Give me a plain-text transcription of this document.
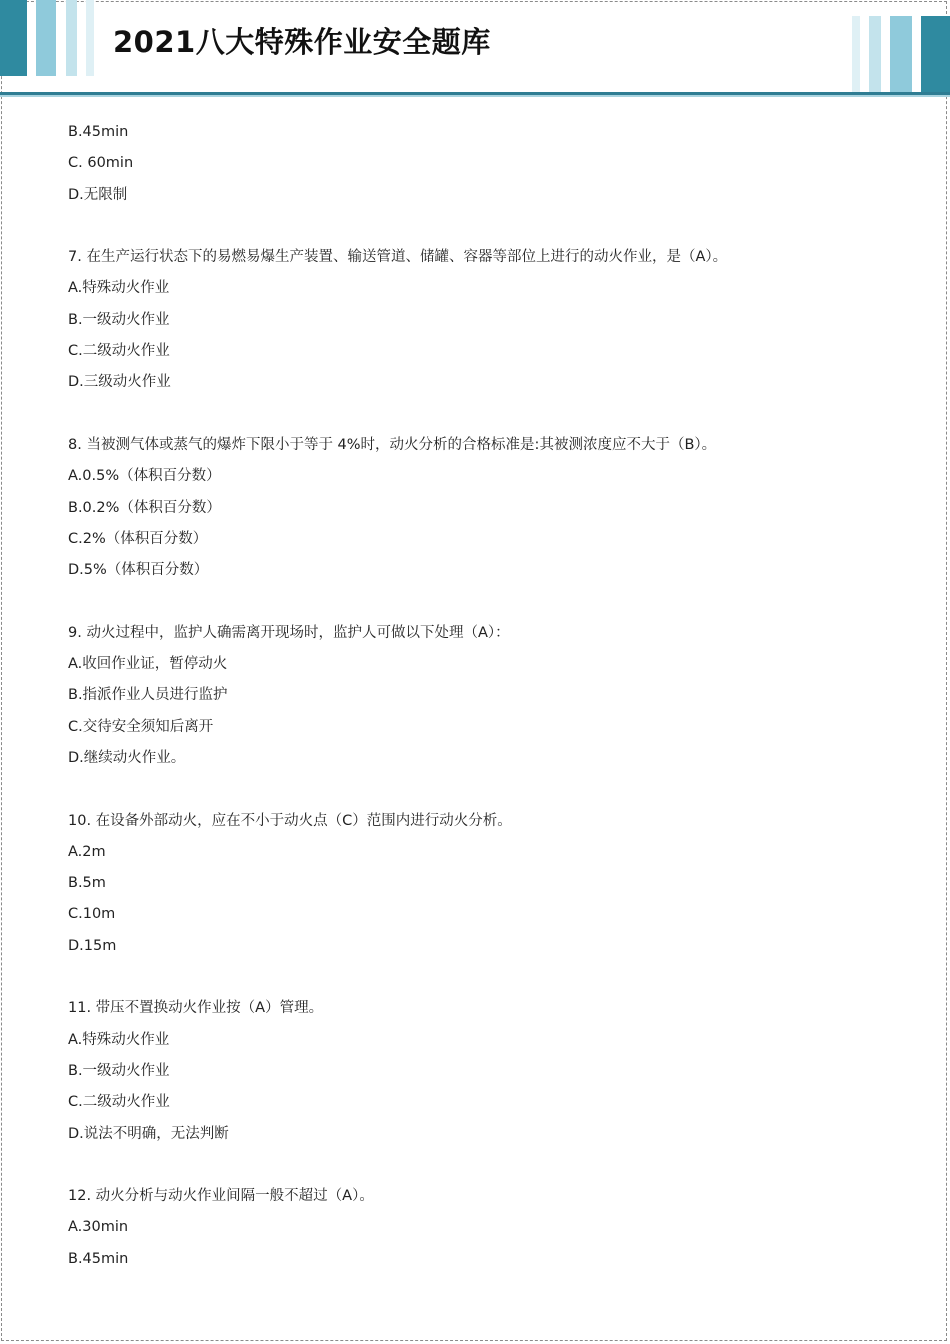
2021八大特殊作业安全题库

B.45min

C. 60min

D.无限制

7. 在生产运行状态下的易燃易爆生产装置、输送管道、储罐、容器等部位上进行的动火作业，是（A）。

A.特殊动火作业

B.一级动火作业

C.二级动火作业

D.三级动火作业

8. 当被测气体或蒸气的爆炸下限小于等于 4%时，动火分析的合格标准是:其被测浓度应不大于（B）。

A.0.5%（体积百分数）

B.0.2%（体积百分数）

C.2%（体积百分数）

D.5%（体积百分数）

9. 动火过程中，监护人确需离开现场时，监护人可做以下处理（A）：

A.收回作业证，暂停动火

B.指派作业人员进行监护

C.交待安全须知后离开

D.继续动火作业。

10. 在设备外部动火，应在不小于动火点（C）范围内进行动火分析。

A.2m

B.5m

C.10m

D.15m

11. 带压不置换动火作业按（A）管理。

A.特殊动火作业

B.一级动火作业

C.二级动火作业

D.说法不明确，无法判断

12. 动火分析与动火作业间隔一般不超过（A）。

A.30min

B.45min
